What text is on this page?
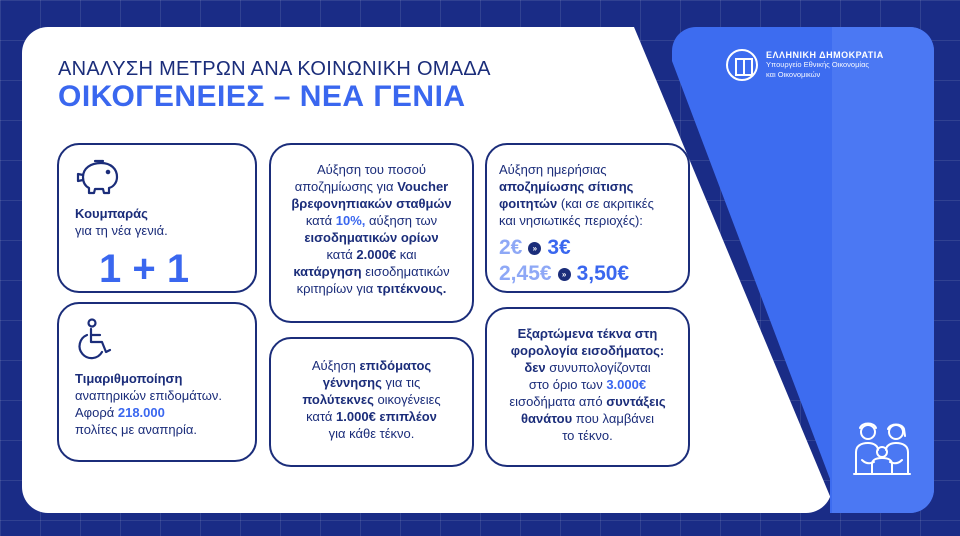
ΕΛΛΗΝΙΚΗ ΔΗΜΟΚΡΑΤΙΑ
Υπουργείο Εθνικής Οικονομίας
και Οικονομικών
ΑΝΑΛΥΣΗ ΜΕΤΡΩΝ ΑΝΑ ΚΟΙΝΩΝΙΚΗ ΟΜΑΔΑ
ΟΙΚΟΓΕΝΕΙΕΣ – ΝΕΑ ΓΕΝΙΑ
Κουμπαράς
για τη νέα γενιά.
1 + 1
Τιμαριθμοποίηση
αναπηρικών επιδομάτων.
Αφορά 218.000
πολίτες με αναπηρία.
Αύξηση του ποσού
αποζημίωσης για Voucher
βρεφονηπιακών σταθμών
κατά 10%, αύξηση των
εισοδηματικών ορίων
κατά 2.000€ και
κατάργηση εισοδηματικών
κριτηρίων για τριτέκνους.
Αύξηση επιδόματος
γέννησης για τις
πολύτεκνες οικογένειες
κατά 1.000€ επιπλέον
για κάθε τέκνο.
Αύξηση ημερήσιας
αποζημίωσης σίτισης
φοιτητών (και σε ακριτικές
και νησιωτικές περιοχές):
2€	» 3€
2,45€	» 3,50€
Εξαρτώμενα τέκνα στη
φορολογία εισοδήματος:
δεν συνυπολογίζονται
στο όριο των 3.000€
εισοδήματα από συντάξεις
θανάτου που λαμβάνει
το τέκνο.
